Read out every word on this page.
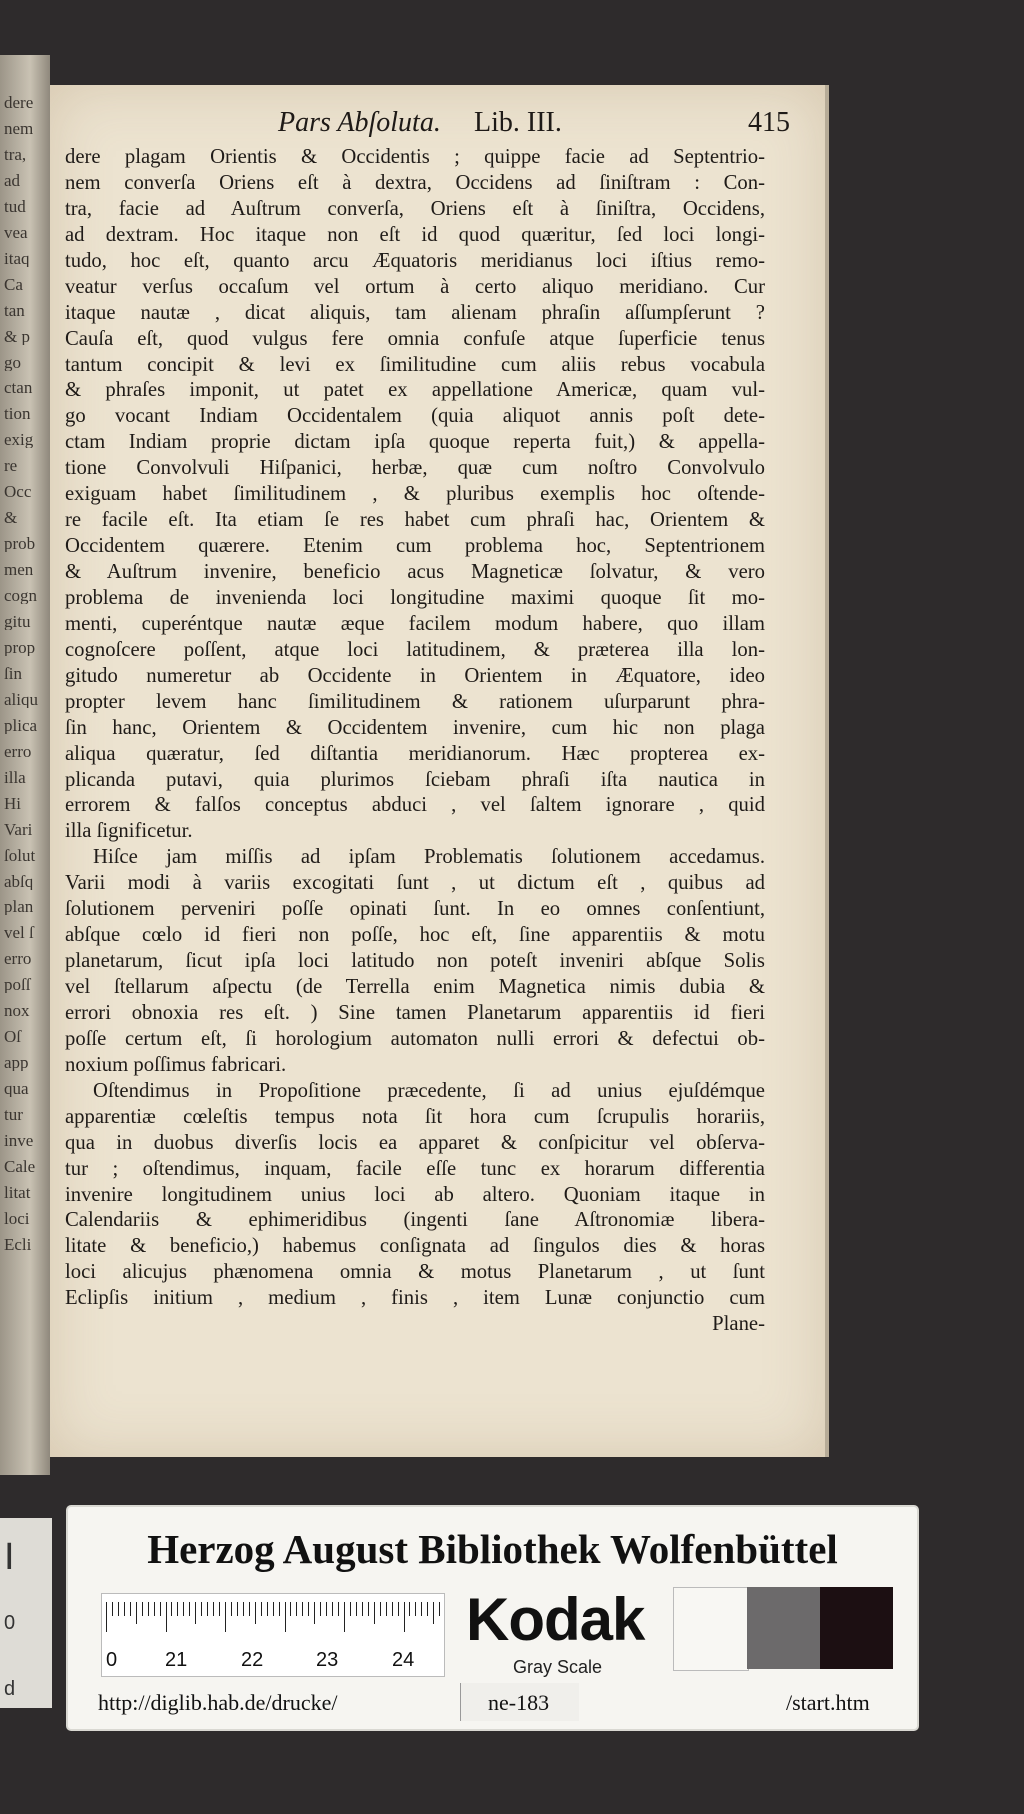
dere
nem
tra,
ad
tud
vea
itaq
Ca
tan
& p
go
ctan
tion
exig
re
Occ
&
prob
men
cogn
gitu
prop
ſin
aliqu
plica
erro
illa
Hi
Vari
ſolut
abſq
plan
vel ſ
erro
poſſ
nox
Oſ
app
qua
tur
inve
Cale
litat
loci
Ecli
Pars Abſoluta. Lib. III.	415
dere plagam Orientis & Occidentis ; quippe facie ad Septentrio-
nem converſa Oriens eſt à dextra, Occidens ad ſiniſtram : Con-
tra, facie ad Auſtrum converſa, Oriens eſt à ſiniſtra, Occidens,
ad dextram. Hoc itaque non eſt id quod quæritur, ſed loci longi-
tudo, hoc eſt, quanto arcu Æquatoris meridianus loci iſtius remo-
veatur verſus occaſum vel ortum à certo aliquo meridiano. Cur
itaque nautæ , dicat aliquis, tam alienam phraſin aſſumpſerunt ?
Cauſa eſt, quod vulgus fere omnia confuſe atque ſuperficie tenus
tantum concipit & levi ex ſimilitudine cum aliis rebus vocabula
& phraſes imponit, ut patet ex appellatione Americæ, quam vul-
go vocant Indiam Occidentalem (quia aliquot annis poſt dete-
ctam Indiam proprie dictam ipſa quoque reperta fuit,) & appella-
tione Convolvuli Hiſpanici, herbæ, quæ cum noſtro Convolvulo
exiguam habet ſimilitudinem , & pluribus exemplis hoc oſtende-
re facile eſt. Ita etiam ſe res habet cum phraſi hac, Orientem &
Occidentem quærere. Etenim cum problema hoc, Septentrionem
& Auſtrum invenire, beneficio acus Magneticæ ſolvatur, & vero
problema de invenienda loci longitudine maximi quoque ſit mo-
menti, cuperéntque nautæ æque facilem modum habere, quo illam
cognoſcere poſſent, atque loci latitudinem, & præterea illa lon-
gitudo numeretur ab Occidente in Orientem in Æquatore, ideo
propter levem hanc ſimilitudinem & rationem uſurparunt phra-
ſin hanc, Orientem & Occidentem invenire, cum hic non plaga
aliqua quæratur, ſed diſtantia meridianorum. Hæc propterea ex-
plicanda putavi, quia plurimos ſciebam phraſi iſta nautica in
errorem & falſos conceptus abduci , vel ſaltem ignorare , quid
illa ſignificetur.
Hiſce jam miſſis ad ipſam Problematis ſolutionem accedamus.
Varii modi à variis excogitati ſunt , ut dictum eſt , quibus ad
ſolutionem perveniri poſſe opinati ſunt. In eo omnes conſentiunt,
abſque cœlo id fieri non poſſe, hoc eſt, ſine apparentiis & motu
planetarum, ſicut ipſa loci latitudo non poteſt inveniri abſque Solis
vel ſtellarum aſpectu (de Terrella enim Magnetica nimis dubia &
errori obnoxia res eſt. ) Sine tamen Planetarum apparentiis id fieri
poſſe certum eſt, ſi horologium automaton nulli errori & defectui ob-
noxium poſſimus fabricari.
Oſtendimus in Propoſitione præcedente, ſi ad unius ejuſdémque
apparentiæ cœleſtis tempus nota ſit hora cum ſcrupulis horariis,
qua in duobus diverſis locis ea apparet & conſpicitur vel obſerva-
tur ; oſtendimus, inquam, facile eſſe tunc ex horarum differentia
invenire longitudinem unius loci ab altero. Quoniam itaque in
Calendariis & ephimeridibus (ingenti ſane Aſtronomiæ libera-
litate & beneficio,) habemus conſignata ad ſingulos dies & horas
loci alicujus phænomena omnia & motus Planetarum , ut ſunt
Eclipſis initium , medium , finis , item Lunæ conjunctio cum
Plane-
I
0
d
Herzog August Bibliothek Wolfenbüttel
0 21	22	23	24
Kodak
Gray Scale
http://diglib.hab.de/drucke/	ne-183	/start.htm
